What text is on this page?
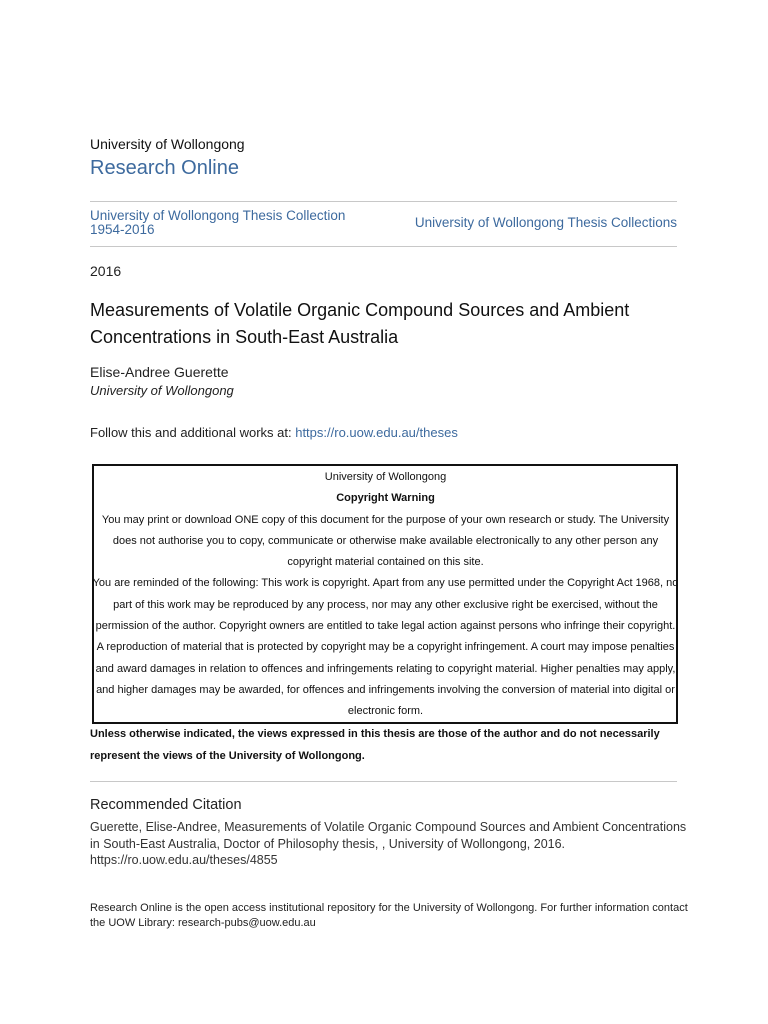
University of Wollongong
Research Online
University of Wollongong Thesis Collection
1954-2016	University of Wollongong Thesis Collections
2016
Measurements of Volatile Organic Compound Sources and Ambient Concentrations in South-East Australia
Elise-Andree Guerette
University of Wollongong
Follow this and additional works at: https://ro.uow.edu.au/theses
University of Wollongong
Copyright Warning
You may print or download ONE copy of this document for the purpose of your own research or study. The University does not authorise you to copy, communicate or otherwise make available electronically to any other person any copyright material contained on this site.
You are reminded of the following: This work is copyright. Apart from any use permitted under the Copyright Act 1968, no part of this work may be reproduced by any process, nor may any other exclusive right be exercised, without the permission of the author. Copyright owners are entitled to take legal action against persons who infringe their copyright. A reproduction of material that is protected by copyright may be a copyright infringement. A court may impose penalties and award damages in relation to offences and infringements relating to copyright material. Higher penalties may apply, and higher damages may be awarded, for offences and infringements involving the conversion of material into digital or electronic form.
Unless otherwise indicated, the views expressed in this thesis are those of the author and do not necessarily represent the views of the University of Wollongong.
Recommended Citation
Guerette, Elise-Andree, Measurements of Volatile Organic Compound Sources and Ambient Concentrations in South-East Australia, Doctor of Philosophy thesis, , University of Wollongong, 2016. https://ro.uow.edu.au/theses/4855
Research Online is the open access institutional repository for the University of Wollongong. For further information contact the UOW Library: research-pubs@uow.edu.au
